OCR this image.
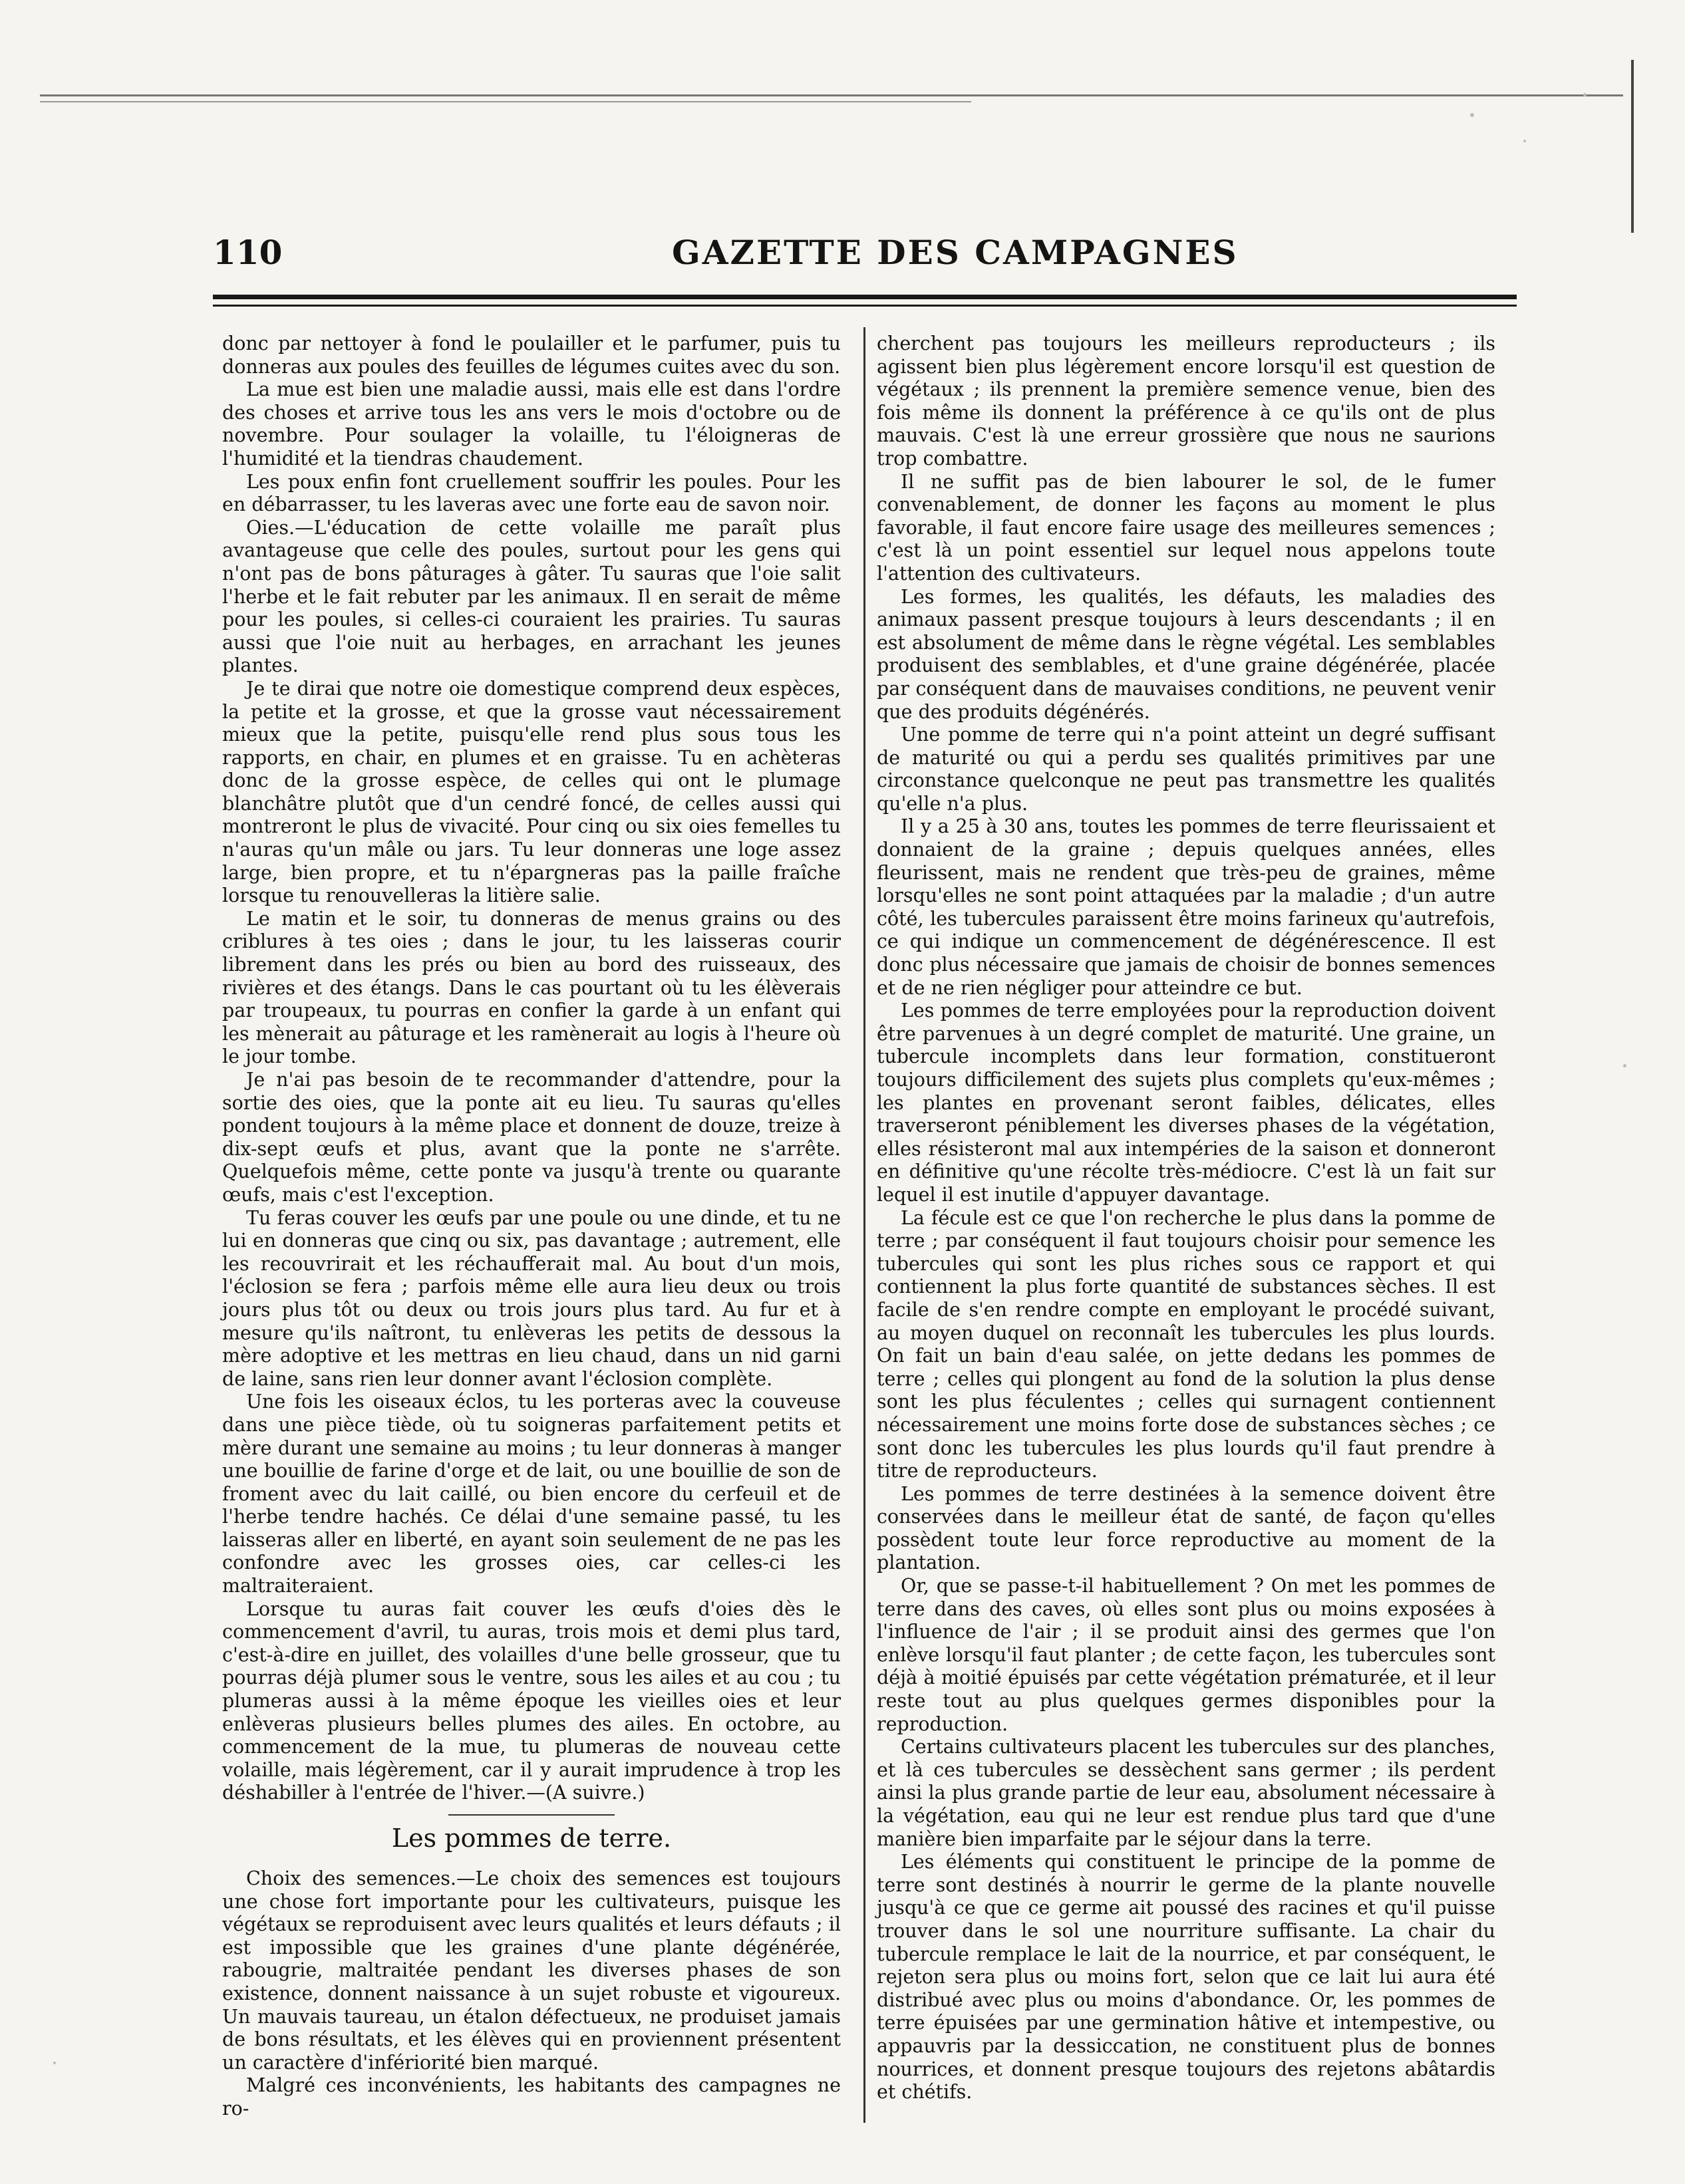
110	GAZETTE DES CAMPAGNES

donc par nettoyer à fond le poulailler et le parfumer, puis tu donneras aux poules des feuilles de légumes cuites avec du son.

La mue est bien une maladie aussi, mais elle est dans l'ordre des choses et arrive tous les ans vers le mois d'octobre ou de novembre. Pour soulager la volaille, tu l'éloigneras de l'humidité et la tiendras chaudement.

Les poux enfin font cruellement souffrir les poules. Pour les en débarrasser, tu les laveras avec une forte eau de savon noir.

Oies.—L'éducation de cette volaille me paraît plus avantageuse que celle des poules, surtout pour les gens qui n'ont pas de bons pâturages à gâter. Tu sauras que l'oie salit l'herbe et le fait rebuter par les animaux. Il en serait de même pour les poules, si celles-ci couraient les prairies. Tu sauras aussi que l'oie nuit au herbages, en arrachant les jeunes plantes.

Je te dirai que notre oie domestique comprend deux espèces, la petite et la grosse, et que la grosse vaut nécessairement mieux que la petite, puisqu'elle rend plus sous tous les rapports, en chair, en plumes et en graisse. Tu en achèteras donc de la grosse espèce, de celles qui ont le plumage blanchâtre plutôt que d'un cendré foncé, de celles aussi qui montreront le plus de vivacité. Pour cinq ou six oies femelles tu n'auras qu'un mâle ou jars. Tu leur donneras une loge assez large, bien propre, et tu n'épargneras pas la paille fraîche lorsque tu renouvelleras la litière salie.

Le matin et le soir, tu donneras de menus grains ou des criblures à tes oies ; dans le jour, tu les laisseras courir librement dans les prés ou bien au bord des ruisseaux, des rivières et des étangs. Dans le cas pourtant où tu les élèverais par troupeaux, tu pourras en confier la garde à un enfant qui les mènerait au pâturage et les ramènerait au logis à l'heure où le jour tombe.

Je n'ai pas besoin de te recommander d'attendre, pour la sortie des oies, que la ponte ait eu lieu. Tu sauras qu'elles pondent toujours à la même place et donnent de douze, treize à dix-sept œufs et plus, avant que la ponte ne s'arrête. Quelquefois même, cette ponte va jusqu'à trente ou quarante œufs, mais c'est l'exception.

Tu feras couver les œufs par une poule ou une dinde, et tu ne lui en donneras que cinq ou six, pas davantage ; autrement, elle les recouvrirait et les réchaufferait mal. Au bout d'un mois, l'éclosion se fera ; parfois même elle aura lieu deux ou trois jours plus tôt ou deux ou trois jours plus tard. Au fur et à mesure qu'ils naîtront, tu enlèveras les petits de dessous la mère adoptive et les mettras en lieu chaud, dans un nid garni de laine, sans rien leur donner avant l'éclosion complète.

Une fois les oiseaux éclos, tu les porteras avec la couveuse dans une pièce tiède, où tu soigneras parfaitement petits et mère durant une semaine au moins ; tu leur donneras à manger une bouillie de farine d'orge et de lait, ou une bouillie de son de froment avec du lait caillé, ou bien encore du cerfeuil et de l'herbe tendre hachés. Ce délai d'une semaine passé, tu les laisseras aller en liberté, en ayant soin seulement de ne pas les confondre avec les grosses oies, car celles-ci les maltraiteraient.

Lorsque tu auras fait couver les œufs d'oies dès le commencement d'avril, tu auras, trois mois et demi plus tard, c'est-à-dire en juillet, des volailles d'une belle grosseur, que tu pourras déjà plumer sous le ventre, sous les ailes et au cou ; tu plumeras aussi à la même époque les vieilles oies et leur enlèveras plusieurs belles plumes des ailes. En octobre, au commencement de la mue, tu plumeras de nouveau cette volaille, mais légèrement, car il y aurait imprudence à trop les déshabiller à l'entrée de l'hiver.—(A suivre.)

Les pommes de terre.

Choix des semences.—Le choix des semences est toujours une chose fort importante pour les cultivateurs, puisque les végétaux se reproduisent avec leurs qualités et leurs défauts ; il est impossible que les graines d'une plante dégénérée, rabougrie, maltraitée pendant les diverses phases de son existence, donnent naissance à un sujet robuste et vigoureux. Un mauvais taureau, un étalon défectueux, ne produiset jamais de bons résultats, et les élèves qui en proviennent présentent un caractère d'infériorité bien marqué.

Malgré ces inconvénients, les habitants des campagnes ne ro-

cherchent pas toujours les meilleurs reproducteurs ; ils agissent bien plus légèrement encore lorsqu'il est question de végétaux ; ils prennent la première semence venue, bien des fois même ils donnent la préférence à ce qu'ils ont de plus mauvais. C'est là une erreur grossière que nous ne saurions trop combattre.

Il ne suffit pas de bien labourer le sol, de le fumer convenablement, de donner les façons au moment le plus favorable, il faut encore faire usage des meilleures semences ; c'est là un point essentiel sur lequel nous appelons toute l'attention des cultivateurs.

Les formes, les qualités, les défauts, les maladies des animaux passent presque toujours à leurs descendants ; il en est absolument de même dans le règne végétal. Les semblables produisent des semblables, et d'une graine dégénérée, placée par conséquent dans de mauvaises conditions, ne peuvent venir que des produits dégénérés.

Une pomme de terre qui n'a point atteint un degré suffisant de maturité ou qui a perdu ses qualités primitives par une circonstance quelconque ne peut pas transmettre les qualités qu'elle n'a plus.

Il y a 25 à 30 ans, toutes les pommes de terre fleurissaient et donnaient de la graine ; depuis quelques années, elles fleurissent, mais ne rendent que très-peu de graines, même lorsqu'elles ne sont point attaquées par la maladie ; d'un autre côté, les tubercules paraissent être moins farineux qu'autrefois, ce qui indique un commencement de dégénérescence. Il est donc plus nécessaire que jamais de choisir de bonnes semences et de ne rien négliger pour atteindre ce but.

Les pommes de terre employées pour la reproduction doivent être parvenues à un degré complet de maturité. Une graine, un tubercule incomplets dans leur formation, constitueront toujours difficilement des sujets plus complets qu'eux-mêmes ; les plantes en provenant seront faibles, délicates, elles traverseront péniblement les diverses phases de la végétation, elles résisteront mal aux intempéries de la saison et donneront en définitive qu'une récolte très-médiocre. C'est là un fait sur lequel il est inutile d'appuyer davantage.

La fécule est ce que l'on recherche le plus dans la pomme de terre ; par conséquent il faut toujours choisir pour semence les tubercules qui sont les plus riches sous ce rapport et qui contiennent la plus forte quantité de substances sèches. Il est facile de s'en rendre compte en employant le procédé suivant, au moyen duquel on reconnaît les tubercules les plus lourds. On fait un bain d'eau salée, on jette dedans les pommes de terre ; celles qui plongent au fond de la solution la plus dense sont les plus féculentes ; celles qui surnagent contiennent nécessairement une moins forte dose de substances sèches ; ce sont donc les tubercules les plus lourds qu'il faut prendre à titre de reproducteurs.

Les pommes de terre destinées à la semence doivent être conservées dans le meilleur état de santé, de façon qu'elles possèdent toute leur force reproductive au moment de la plantation.

Or, que se passe-t-il habituellement ? On met les pommes de terre dans des caves, où elles sont plus ou moins exposées à l'influence de l'air ; il se produit ainsi des germes que l'on enlève lorsqu'il faut planter ; de cette façon, les tubercules sont déjà à moitié épuisés par cette végétation prématurée, et il leur reste tout au plus quelques germes disponibles pour la reproduction.

Certains cultivateurs placent les tubercules sur des planches, et là ces tubercules se dessèchent sans germer ; ils perdent ainsi la plus grande partie de leur eau, absolument nécessaire à la végétation, eau qui ne leur est rendue plus tard que d'une manière bien imparfaite par le séjour dans la terre.

Les éléments qui constituent le principe de la pomme de terre sont destinés à nourrir le germe de la plante nouvelle jusqu'à ce que ce germe ait poussé des racines et qu'il puisse trouver dans le sol une nourriture suffisante. La chair du tubercule remplace le lait de la nourrice, et par conséquent, le rejeton sera plus ou moins fort, selon que ce lait lui aura été distribué avec plus ou moins d'abondance. Or, les pommes de terre épuisées par une germination hâtive et intempestive, ou appauvris par la dessiccation, ne constituent plus de bonnes nourrices, et donnent presque toujours des rejetons abâtardis et chétifs.
